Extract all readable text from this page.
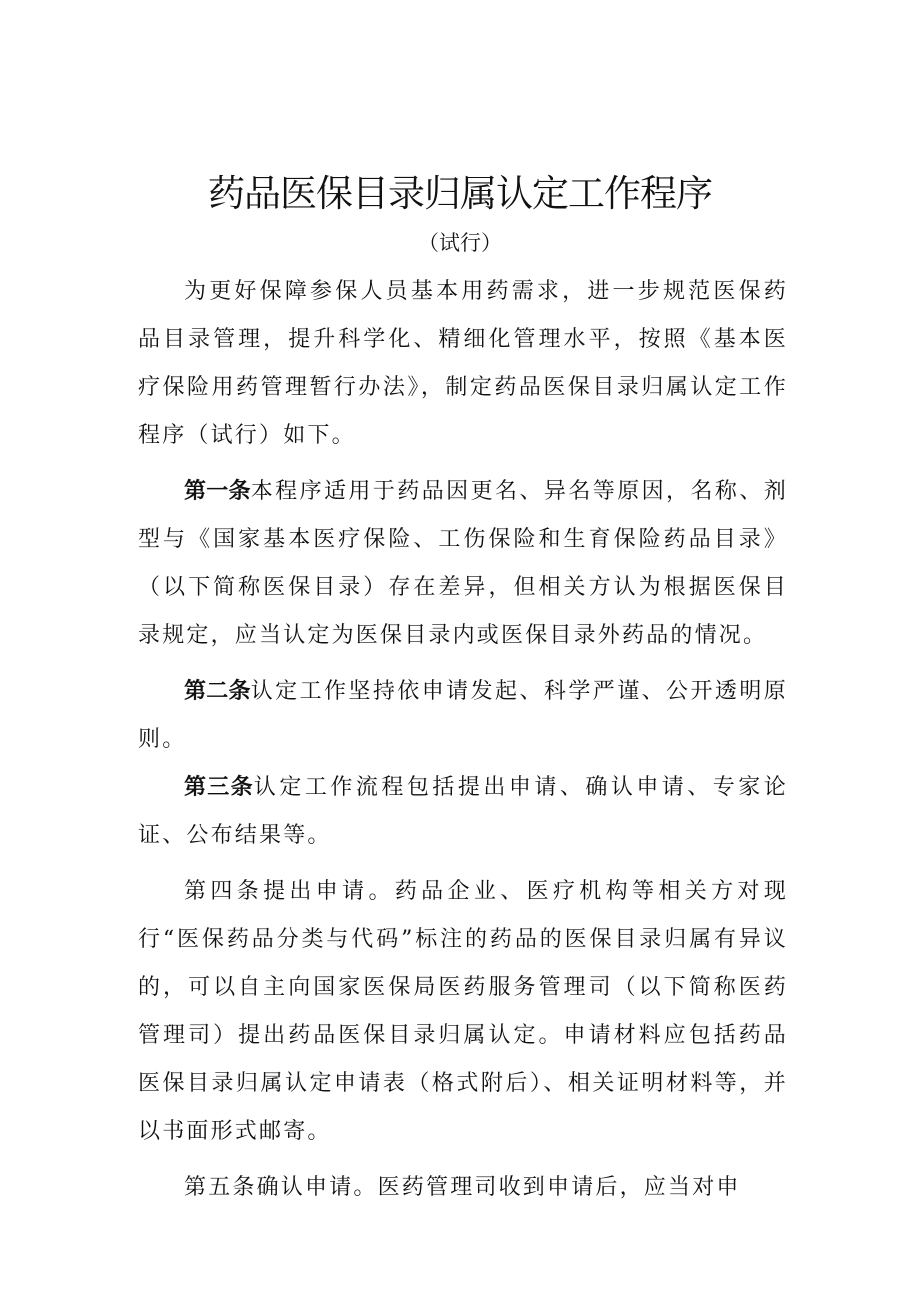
药品医保目录归属认定工作程序

（试行）

为更好保障参保人员基本用药需求，进一步规范医保药品目录管理，提升科学化、精细化管理水平，按照《基本医疗保险用药管理暂行办法》，制定药品医保目录归属认定工作程序（试行）如下。

第一条本程序适用于药品因更名、异名等原因，名称、剂型与《国家基本医疗保险、工伤保险和生育保险药品目录》（以下简称医保目录）存在差异，但相关方认为根据医保目录规定，应当认定为医保目录内或医保目录外药品的情况。

第二条认定工作坚持依申请发起、科学严谨、公开透明原则。

第三条认定工作流程包括提出申请、确认申请、专家论证、公布结果等。

第四条提出申请。药品企业、医疗机构等相关方对现行“医保药品分类与代码”标注的药品的医保目录归属有异议的，可以自主向国家医保局医药服务管理司（以下简称医药管理司）提出药品医保目录归属认定。申请材料应包括药品医保目录归属认定申请表（格式附后）、相关证明材料等，并以书面形式邮寄。

第五条确认申请。医药管理司收到申请后，应当对申
